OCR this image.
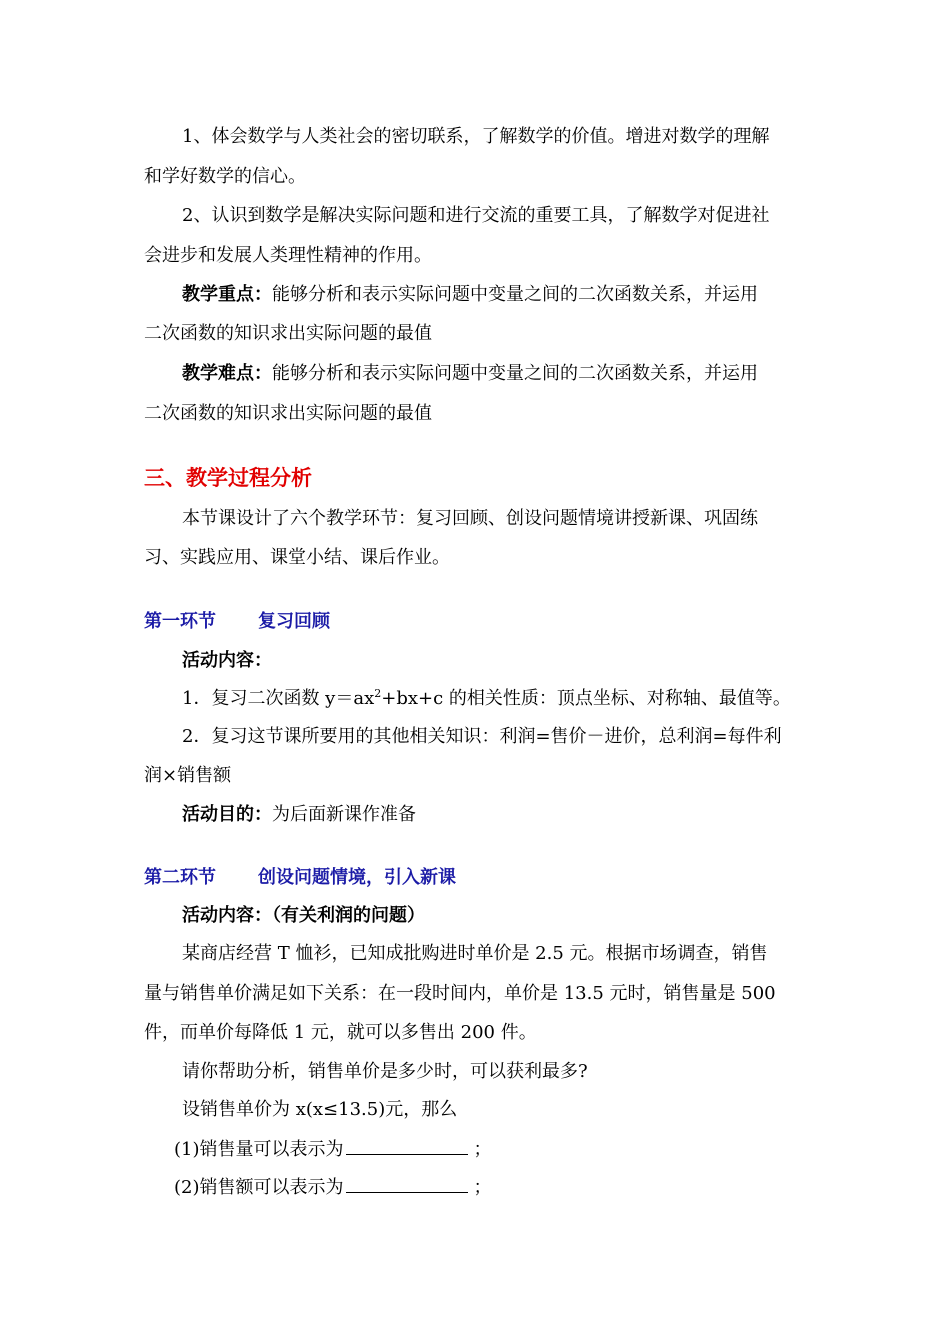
1、体会数学与人类社会的密切联系，了解数学的价值。增进对数学的理解
和学好数学的信心。
2、认识到数学是解决实际问题和进行交流的重要工具，了解数学对促进社
会进步和发展人类理性精神的作用。
教学重点：能够分析和表示实际问题中变量之间的二次函数关系，并运用
二次函数的知识求出实际问题的最值
教学难点：能够分析和表示实际问题中变量之间的二次函数关系，并运用
二次函数的知识求出实际问题的最值
三、教学过程分析
本节课设计了六个教学环节：复习回顾、创设问题情境讲授新课、巩固练
习、实践应用、课堂小结、课后作业。
第一环节 复习回顾
活动内容：
1．复习二次函数 $y=ax^2+bx+c$ 的相关性质：顶点坐标、对称轴、最值等。
2．复习这节课所要用的其他相关知识：利润=售价－进价，总利润=每件利
润×销售额
活动目的：为后面新课作准备
第二环节 创设问题情境，引入新课
活动内容：（有关利润的问题）
某商店经营 T 恤衫，已知成批购进时单价是 2.5 元。根据市场调查，销售
量与销售单价满足如下关系：在一段时间内，单价是 13.5 元时，销售量是 500
件，而单价每降低 1 元，就可以多售出 200 件。
请你帮助分析，销售单价是多少时，可以获利最多?
设销售单价为 x(x≤13.5)元，那么
(1)销售量可以表示为	；
(2)销售额可以表示为	；
